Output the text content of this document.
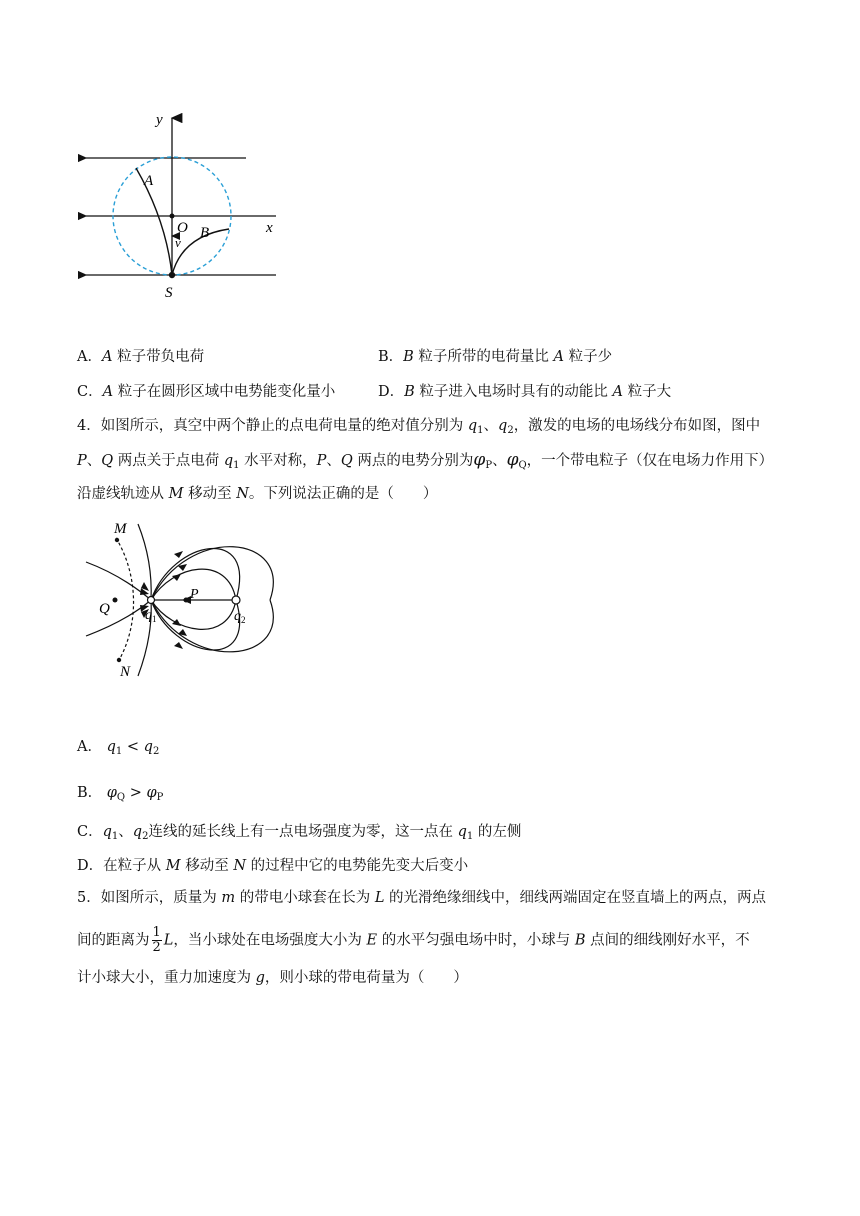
y
x
O
A
B
v
S
A．A 粒子带负电荷	B．B 粒子所带的电荷量比 A 粒子少
C．A 粒子在圆形区域中电势能变化量小	D．B 粒子进入电场时具有的动能比 A 粒子大
4．如图所示，真空中两个静止的点电荷电量的绝对值分别为 $q_1$、$q_2$，激发的电场的电场线分布如图，图中
P、Q 两点关于点电荷 $q_1$ 水平对称，P、Q 两点的电势分别为$\varphi_P$、$\varphi_Q$，一个带电粒子（仅在电场力作用下）
沿虚线轨迹从 M 移动至 N。下列说法正确的是（　　）
M
Q
P
$q_1$	$q_2$
N
A． $q_1 < q_2$
B． $\varphi_Q > \varphi_P$
C．$q_1$、$q_2$连线的延长线上有一点电场强度为零，这一点在 $q_1$ 的左侧
D．在粒子从 M 移动至 N 的过程中它的电势能先变大后变小
5．如图所示，质量为 m 的带电小球套在长为 L 的光滑绝缘细线中，细线两端固定在竖直墙上的两点，两点
间的距离为 $\frac{1}{2}$ L，当小球处在电场强度大小为 E 的水平匀强电场中时，小球与 B 点间的细线刚好水平，不
计小球大小，重力加速度为 g，则小球的带电荷量为（　　）
